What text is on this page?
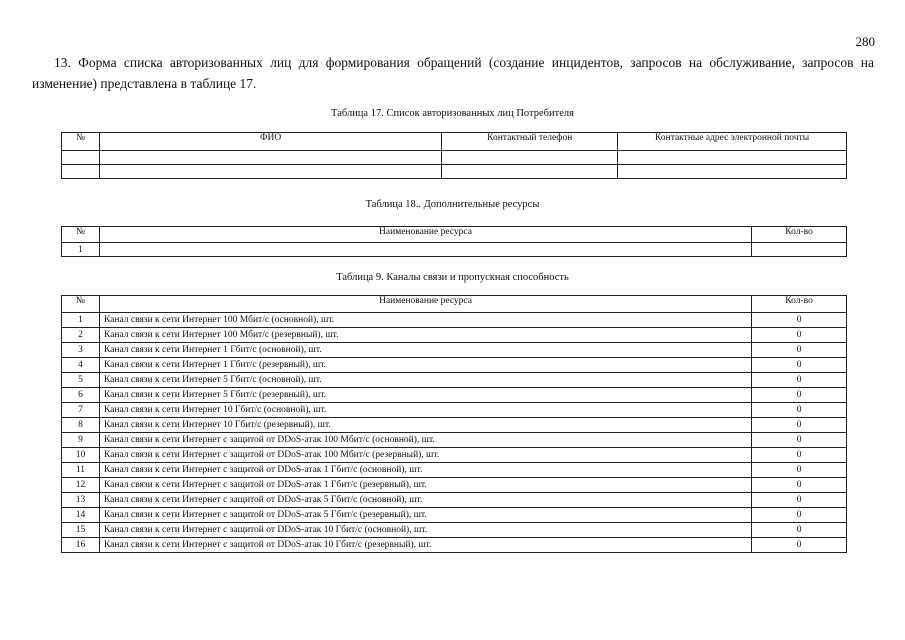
280

13. Форма списка авторизованных лиц для формирования обращений (создание инцидентов, запросов на обслуживание, запросов на изменение) представлена в таблице 17.

Таблица 17. Список авторизованных лиц Потребителя
№	ФИО	Контактный телефон	Контактные адрес электронной почты

Таблица 18.. Дополнительные ресурсы
№	Наименование ресурса	Кол-во
1		
Таблица 9. Каналы связи и пропускная способность
№	Наименование ресурса	Кол-во
1	Канал связи к сети Интернет 100 Мбит/с (основной), шт.	0
2	Канал связи к сети Интернет 100 Мбит/с (резервный), шт.	0
3	Канал связи к сети Интернет 1 Гбит/с (основной), шт.	0
4	Канал связи к сети Интернет 1 Гбит/с (резервный), шт.	0
5	Канал связи к сети Интернет 5 Гбит/с (основной), шт.	0
6	Канал связи к сети Интернет 5 Гбит/с (резервный), шт.	0
7	Канал связи к сети Интернет 10 Гбит/с (основной), шт.	0
8	Канал связи к сети Интернет 10 Гбит/с (резервный), шт.	0
9	Канал связи к сети Интернет с защитой от DDoS-атак 100 Мбит/с (основной), шт.	0
10	Канал связи к сети Интернет с защитой от DDoS-атак 100 Мбит/с (резервный), шт.	0
11	Канал связи к сети Интернет с защитой от DDoS-атак 1 Гбит/с (основной), шт.	0
12	Канал связи к сети Интернет с защитой от DDoS-атак 1 Гбит/с (резервный), шт.	0
13	Канал связи к сети Интернет с защитой от DDoS-атак 5 Гбит/с (основной), шт.	0
14	Канал связи к сети Интернет с защитой от DDoS-атак 5 Гбит/с (резервный), шт.	0
15	Канал связи к сети Интернет с защитой от DDoS-атак 10 Гбит/с (основной), шт.	0
16	Канал связи к сети Интернет с защитой от DDoS-атак 10 Гбит/с (резервный), шт.	0
